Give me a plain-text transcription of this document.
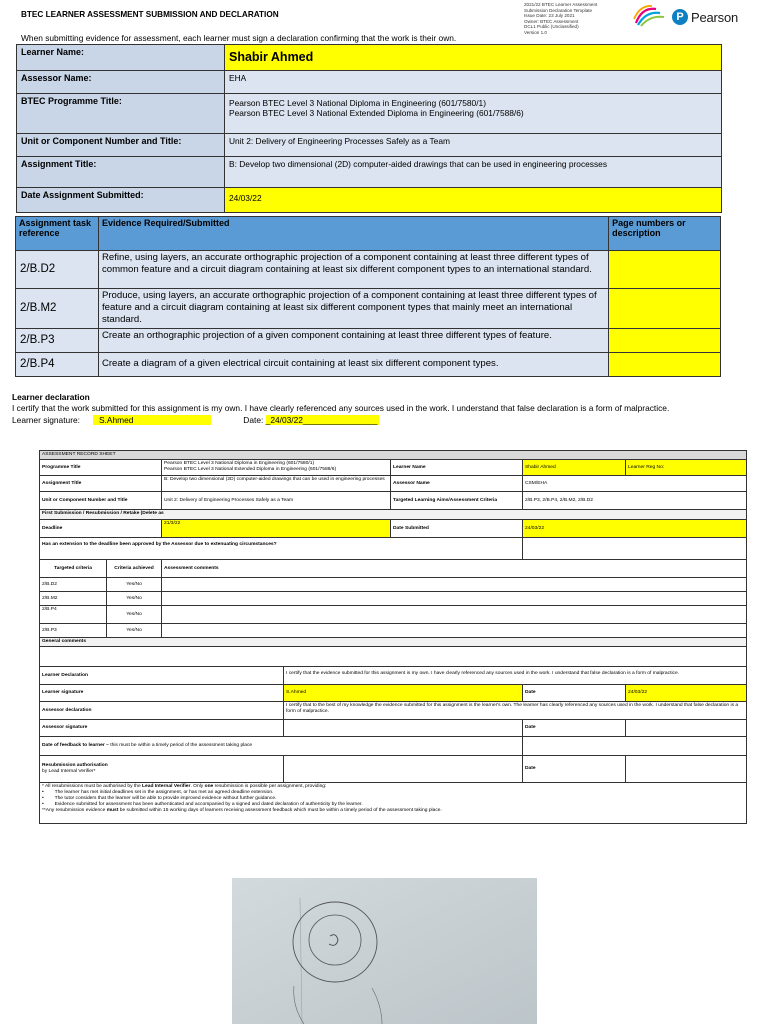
BTEC LEARNER ASSESSMENT SUBMISSION AND DECLARATION
2021/22 BTEC Learner Assessment
Submission Declaration Template
Issue Date: 23 July 2021
Owner: BTEC Assessment
DCL1 Public (Unclassified)
Version 1.0
P Pearson
When submitting evidence for assessment, each learner must sign a declaration confirming that the work is their own.
Learner Name:	Shabir Ahmed
Assessor Name:	EHA
BTEC Programme Title:	Pearson BTEC Level 3 National Diploma in Engineering (601/7580/1)
Pearson BTEC Level 3 National Extended Diploma in Engineering (601/7588/6)

Unit or Component Number and Title:	Unit 2: Delivery of Engineering Processes Safely as a Team
Assignment Title:	B: Develop two dimensional (2D) computer-aided drawings that can be used in engineering processes
Date Assignment Submitted:	24/03/22
Assignment task reference	Evidence Required/Submitted	Page numbers or description
2/B.D2	Refine, using layers, an accurate orthographic projection of a component containing at least three different types of common feature and a circuit diagram containing at least six different component types to an international standard.	
2/B.M2	Produce, using layers, an accurate orthographic projection of a component containing at least three different types of feature and a circuit diagram containing at least six different component types that mainly meet an international standard.	
2/B.P3	Create an orthographic projection of a given component containing at least three different types of feature.	
2/B.P4	Create a diagram of a given electrical circuit containing at least six different component types.	
Learner declaration
I certify that the work submitted for this assignment is my own. I have clearly referenced any sources used in the work. I understand that false declaration is a form of malpractice.
Learner signature: S.Ahmed	Date: _24/03/22________________
ASSESSMENT RECORD SHEET						
Programme Title		Pearson BTEC Level 3 National Diploma in Engineering (601/7580/1)
Pearson BTEC Level 3 National Extended Diploma in Engineering (601/7588/6)		Learner Name	Shabir Ahmed	Learner Reg No:
Assignment Title		B: Develop two dimensional (2D) computer-aided drawings that can be used in engineering processes		Assessor Name	CSM/EHA	
Unit or Component Number and Title		Unit 2: Delivery of Engineering Processes Safely as a Team		Targeted Learning Aims/Assessment Criteria	2/B.P3, 2/B.P4, 2/B.M2, 2/B.D2	
First Submission / Resubmission / Retake (Delete as						
Deadline		21/3/22		Date Submitted	24/03/22	
Has an extension to the deadline been approved by the Assessor due to extenuating circumstances?						
Targeted criteria	Criteria achieved	Assessment comments				
2/B.D2	Yes/No					
2/B.M2	Yes/No					
2/B.P4	Yes/No					
2/B.P3	Yes/No					
General comments						

Learner Declaration			I certify that the evidence submitted for this assignment is my own. I have clearly referenced any sources used in the work. I understand that false declaration is a form of malpractice.			
Learner signature			S.Ahmed		Date	24/03/22
Assessor declaration			I certify that to the best of my knowledge the evidence submitted for this assignment is the learner's own. The learner has clearly referenced any sources used in the work. I understand that false declaration is a form of malpractice.			
Assessor signature					Date	
Date of feedback to learner – this must be within a timely period of the assessment taking place						

Resubmission authorisation
by Lead Internal Verifier*					Date	

* All resubmissions must be authorised by the Lead Internal Verifier. Only one resubmission is possible per assignment, providing:
•        The learner has met initial deadlines set in the assignment, or has met an agreed deadline extension.
•        The tutor considers that the learner will be able to provide improved evidence without further guidance.
•        Evidence submitted for assessment has been authenticated and accompanied by a signed and dated declaration of authenticity by the learner.
**Any resubmission evidence must be submitted within 15 working days of learners receiving assessment feedback which must be within a timely period of the assessment taking place.						
